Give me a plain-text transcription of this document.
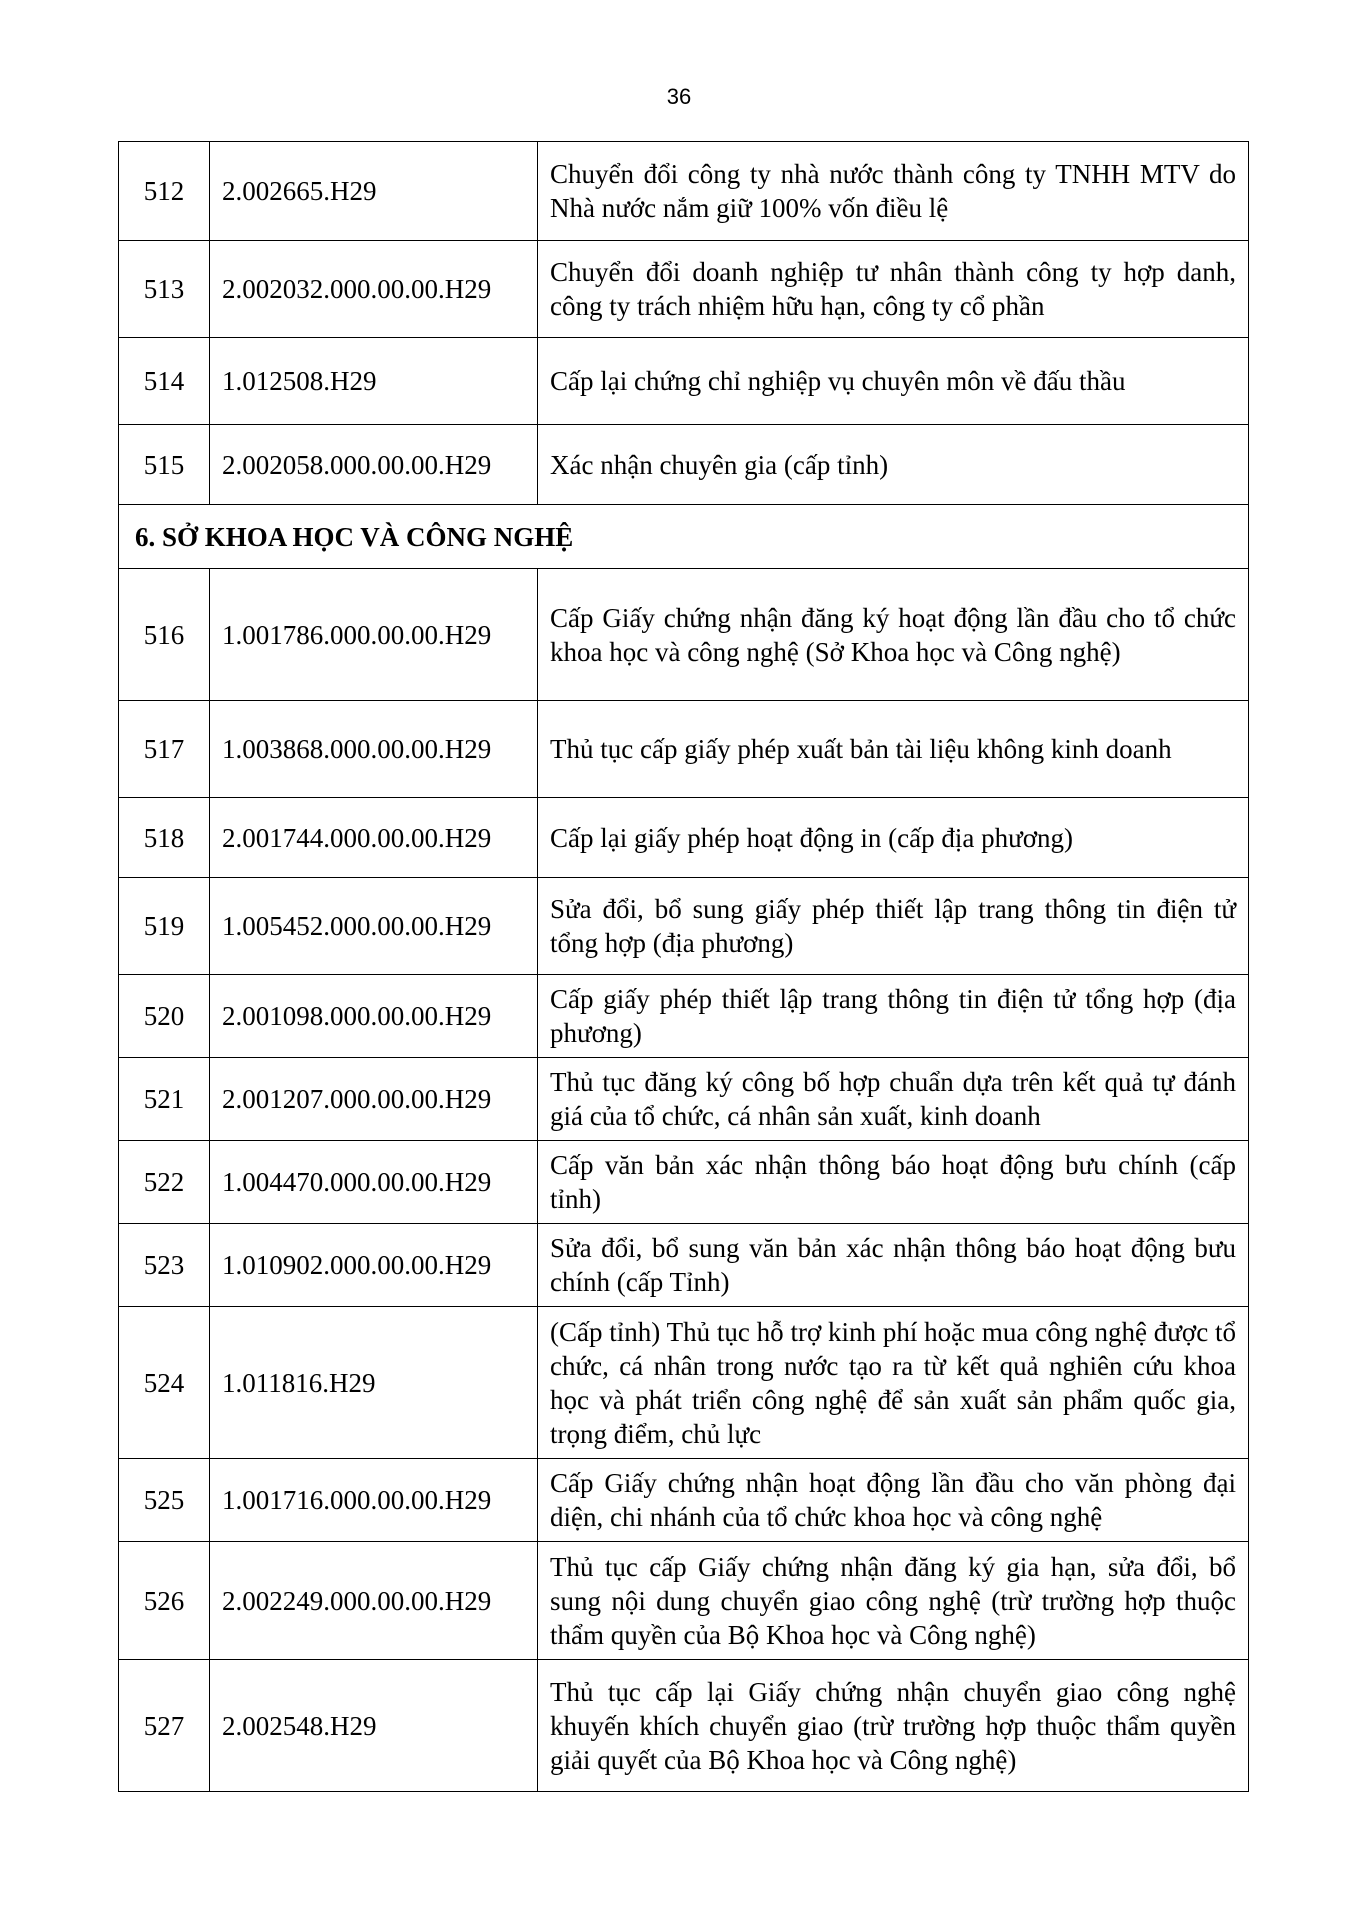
36
512	2.002665.H29	Chuyển đổi công ty nhà nước thành công ty TNHH MTV do Nhà nước nắm giữ 100% vốn điều lệ
513	2.002032.000.00.00.H29	Chuyển đổi doanh nghiệp tư nhân thành công ty hợp danh, công ty trách nhiệm hữu hạn, công ty cổ phần
514	1.012508.H29	Cấp lại chứng chỉ nghiệp vụ chuyên môn về đấu thầu
515	2.002058.000.00.00.H29	Xác nhận chuyên gia (cấp tỉnh)
6. SỞ KHOA HỌC VÀ CÔNG NGHỆ		
516	1.001786.000.00.00.H29	Cấp Giấy chứng nhận đăng ký hoạt động lần đầu cho tổ chức khoa học và công nghệ (Sở Khoa học và Công nghệ)
517	1.003868.000.00.00.H29	Thủ tục cấp giấy phép xuất bản tài liệu không kinh doanh
518	2.001744.000.00.00.H29	Cấp lại giấy phép hoạt động in (cấp địa phương)
519	1.005452.000.00.00.H29	Sửa đổi, bổ sung giấy phép thiết lập trang thông tin điện tử tổng hợp (địa phương)
520	2.001098.000.00.00.H29	Cấp giấy phép thiết lập trang thông tin điện tử tổng hợp (địa phương)
521	2.001207.000.00.00.H29	Thủ tục đăng ký công bố hợp chuẩn dựa trên kết quả tự đánh giá của tổ chức, cá nhân sản xuất, kinh doanh
522	1.004470.000.00.00.H29	Cấp văn bản xác nhận thông báo hoạt động bưu chính (cấp tỉnh)
523	1.010902.000.00.00.H29	Sửa đổi, bổ sung văn bản xác nhận thông báo hoạt động bưu chính (cấp Tỉnh)
524	1.011816.H29	(Cấp tỉnh) Thủ tục hỗ trợ kinh phí hoặc mua công nghệ được tổ chức, cá nhân trong nước tạo ra từ kết quả nghiên cứu khoa học và phát triển công nghệ để sản xuất sản phẩm quốc gia, trọng điểm, chủ lực
525	1.001716.000.00.00.H29	Cấp Giấy chứng nhận hoạt động lần đầu cho văn phòng đại diện, chi nhánh của tổ chức khoa học và công nghệ
526	2.002249.000.00.00.H29	Thủ tục cấp Giấy chứng nhận đăng ký gia hạn, sửa đổi, bổ sung nội dung chuyển giao công nghệ (trừ trường hợp thuộc thẩm quyền của Bộ Khoa học và Công nghệ)
527	2.002548.H29	Thủ tục cấp lại Giấy chứng nhận chuyển giao công nghệ khuyến khích chuyển giao (trừ trường hợp thuộc thẩm quyền giải quyết của Bộ Khoa học và Công nghệ)
